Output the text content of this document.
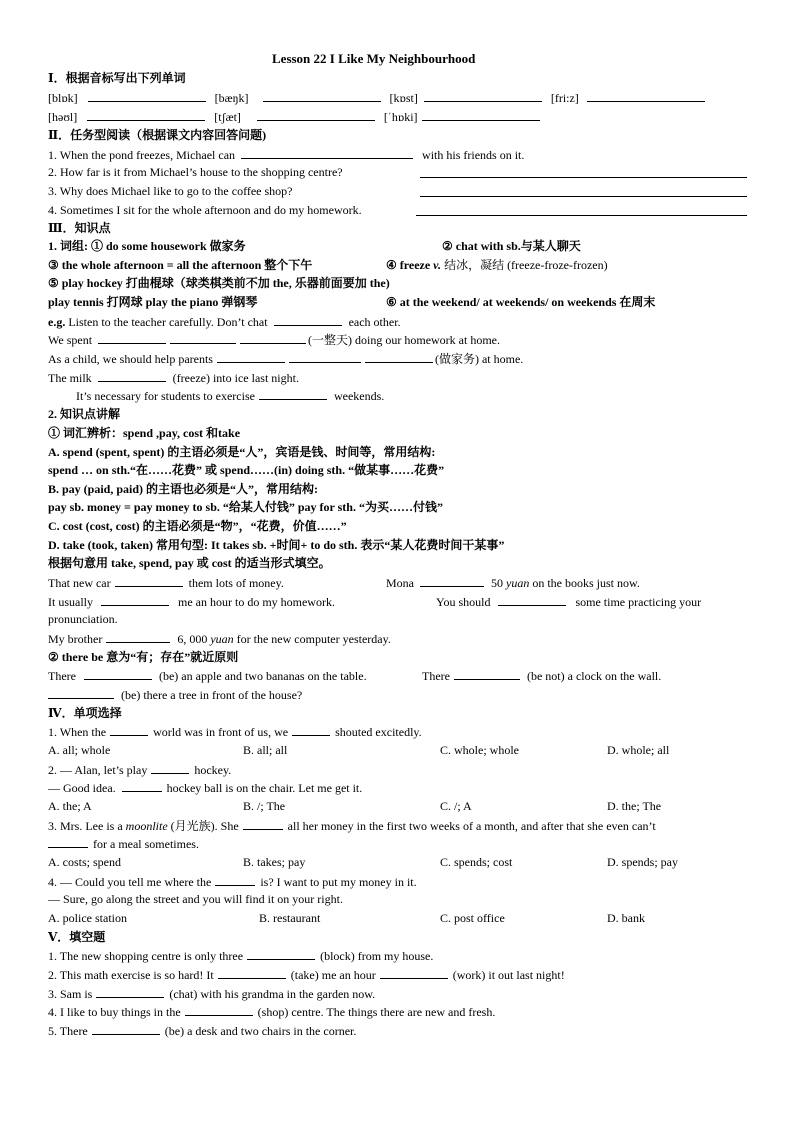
Lesson 22 I Like My Neighbourhood
Ⅰ．根据音标写出下列单词
[blɒk]	[bæŋk]	[kɒst]	[fri:z]
[həʊl]	[tʃæt]	[ˈhɒki]
Ⅱ．任务型阅读（根据课文内容回答问题)
1. When the pond freezes, Michael can	with his friends on it.
2. How far is it from Michael’s house to the shopping centre?
3. Why does Michael like to go to the coffee shop?
4. Sometimes I sit for the whole afternoon and do my homework.
Ⅲ．知识点
1. 词组: ① do some housework 做家务	② chat with sb.与某人聊天
③ the whole afternoon = all the afternoon 整个下午	④ freeze v. 结冰，凝结 (freeze-froze-frozen)
⑤ play hockey 打曲棍球（球类棋类前不加 the, 乐器前面要加 the)
play tennis 打网球 play the piano 弹钢琴	⑥ at the weekend/ at weekends/ on weekends 在周末
e.g. Listen to the teacher carefully. Don’t chat	each other.
We spent	(一整天) doing our homework at home.
As a child, we should help parents	(做家务) at home.
The milk	(freeze) into ice last night.
It’s necessary for students to exercise	weekends.
2. 知识点讲解
① 词汇辨析：spend ,pay, cost 和take
A. spend (spent, spent) 的主语必须是“人”，宾语是钱、时间等，常用结构:
spend … on sth.“在……花费” 或 spend……(in) doing sth. “做某事……花费”
B. pay (paid, paid) 的主语也必须是“人”，常用结构:
pay sb. money = pay money to sb. “给某人付钱” pay for sth. “为买……付钱”
C. cost (cost, cost) 的主语必须是“物”，“花费，价值……”
D. take (took, taken) 常用句型: It takes sb. +时间+ to do sth. 表示“某人花费时间干某事”
根据句意用 take, spend, pay 或 cost 的适当形式填空。
That new car	them lots of money.	Mona	50 yuan on the books just now.
It usually	me an hour to do my homework.	You should	some time practicing your
pronunciation.
My brother	6, 000 yuan for the new computer yesterday.
② there be 意为“有；存在”就近原则
There	(be) an apple and two bananas on the table.	There	(be not) a clock on the wall.
(be) there a tree in front of the house?
Ⅳ．单项选择
1. When the	world was in front of us, we	shouted excitedly.
A. all; whole	B. all; all	C. whole; whole	D. whole; all
2. — Alan, let’s play	hockey.
— Good idea.	hockey ball is on the chair. Let me get it.
A. the; A	B. /; The	C. /; A	D. the; The
3. Mrs. Lee is a moonlite (月光族). She	all her money in the first two weeks of a month, and after that she even can’t
for a meal sometimes.
A. costs; spend	B. takes; pay	C. spends; cost	D. spends; pay
4. — Could you tell me where the	is? I want to put my money in it.
— Sure, go along the street and you will find it on your right.
A. police station	B. restaurant	C. post office	D. bank
Ⅴ．填空题
1. The new shopping centre is only three	(block) from my house.
2. This math exercise is so hard! It	(take) me an hour	(work) it out last night!
3. Sam is	(chat) with his grandma in the garden now.
4. I like to buy things in the	(shop) centre. The things there are new and fresh.
5. There	(be) a desk and two chairs in the corner.
